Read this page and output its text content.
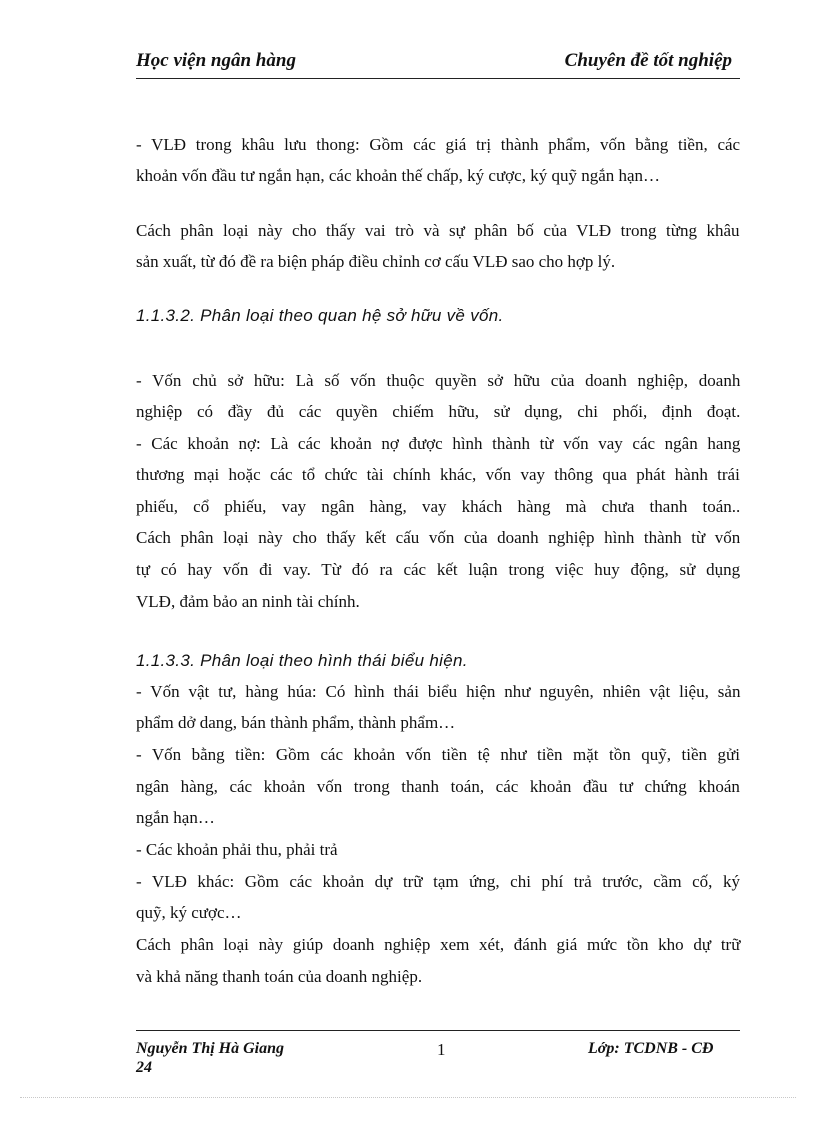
Học viện ngân hàng	Chuyên đề tốt nghiệp
- VLĐ trong khâu lưu thong: Gồm các giá trị thành phẩm, vốn bằng tiền, các
khoản vốn đầu tư ngắn hạn, các khoản thế chấp, ký cược, ký quỹ ngắn hạn…
Cách phân loại này cho thấy vai trò và sự phân bố của VLĐ trong từng khâu
sản xuất, từ đó đề ra biện pháp điều chỉnh cơ cấu VLĐ sao cho hợp lý.
1.1.3.2. Phân loại theo quan hệ sở hữu về vốn.
- Vốn chủ sở hữu: Là số vốn thuộc quyền sở hữu của doanh nghiệp, doanh
nghiệp có đầy đủ các quyền chiếm hữu, sử dụng, chi phối, định đoạt.
- Các khoản nợ: Là các khoản nợ được hình thành từ vốn vay các ngân hang
thương mại hoặc các tổ chức tài chính khác, vốn vay thông qua phát hành trái
phiếu, cổ phiếu, vay ngân hàng, vay khách hàng mà chưa thanh toán..
Cách phân loại này cho thấy kết cấu vốn của doanh nghiệp hình thành từ vốn
tự có hay vốn đi vay. Từ đó ra các kết luận trong việc huy động, sử dụng
VLĐ, đảm bảo an ninh tài chính.
1.1.3.3. Phân loại theo hình thái biểu hiện.
- Vốn vật tư, hàng húa: Có hình thái biểu hiện như nguyên, nhiên vật liệu, sản
phẩm dở dang, bán thành phẩm, thành phẩm…
- Vốn bằng tiền: Gồm các khoản vốn tiền tệ như tiền mặt tồn quỹ, tiền gửi
ngân hàng, các khoản vốn trong thanh toán, các khoản đầu tư chứng khoán
ngắn hạn…
- Các khoản phải thu, phải trả
- VLĐ khác: Gồm các khoản dự trữ tạm ứng, chi phí trả trước, cầm cố, ký
quỹ, ký cược…
Cách phân loại này giúp doanh nghiệp xem xét, đánh giá mức tồn kho dự trữ
và khả năng thanh toán của doanh nghiệp.
Nguyễn Thị Hà Giang
24
1	Lớp: TCDNB - CĐ
